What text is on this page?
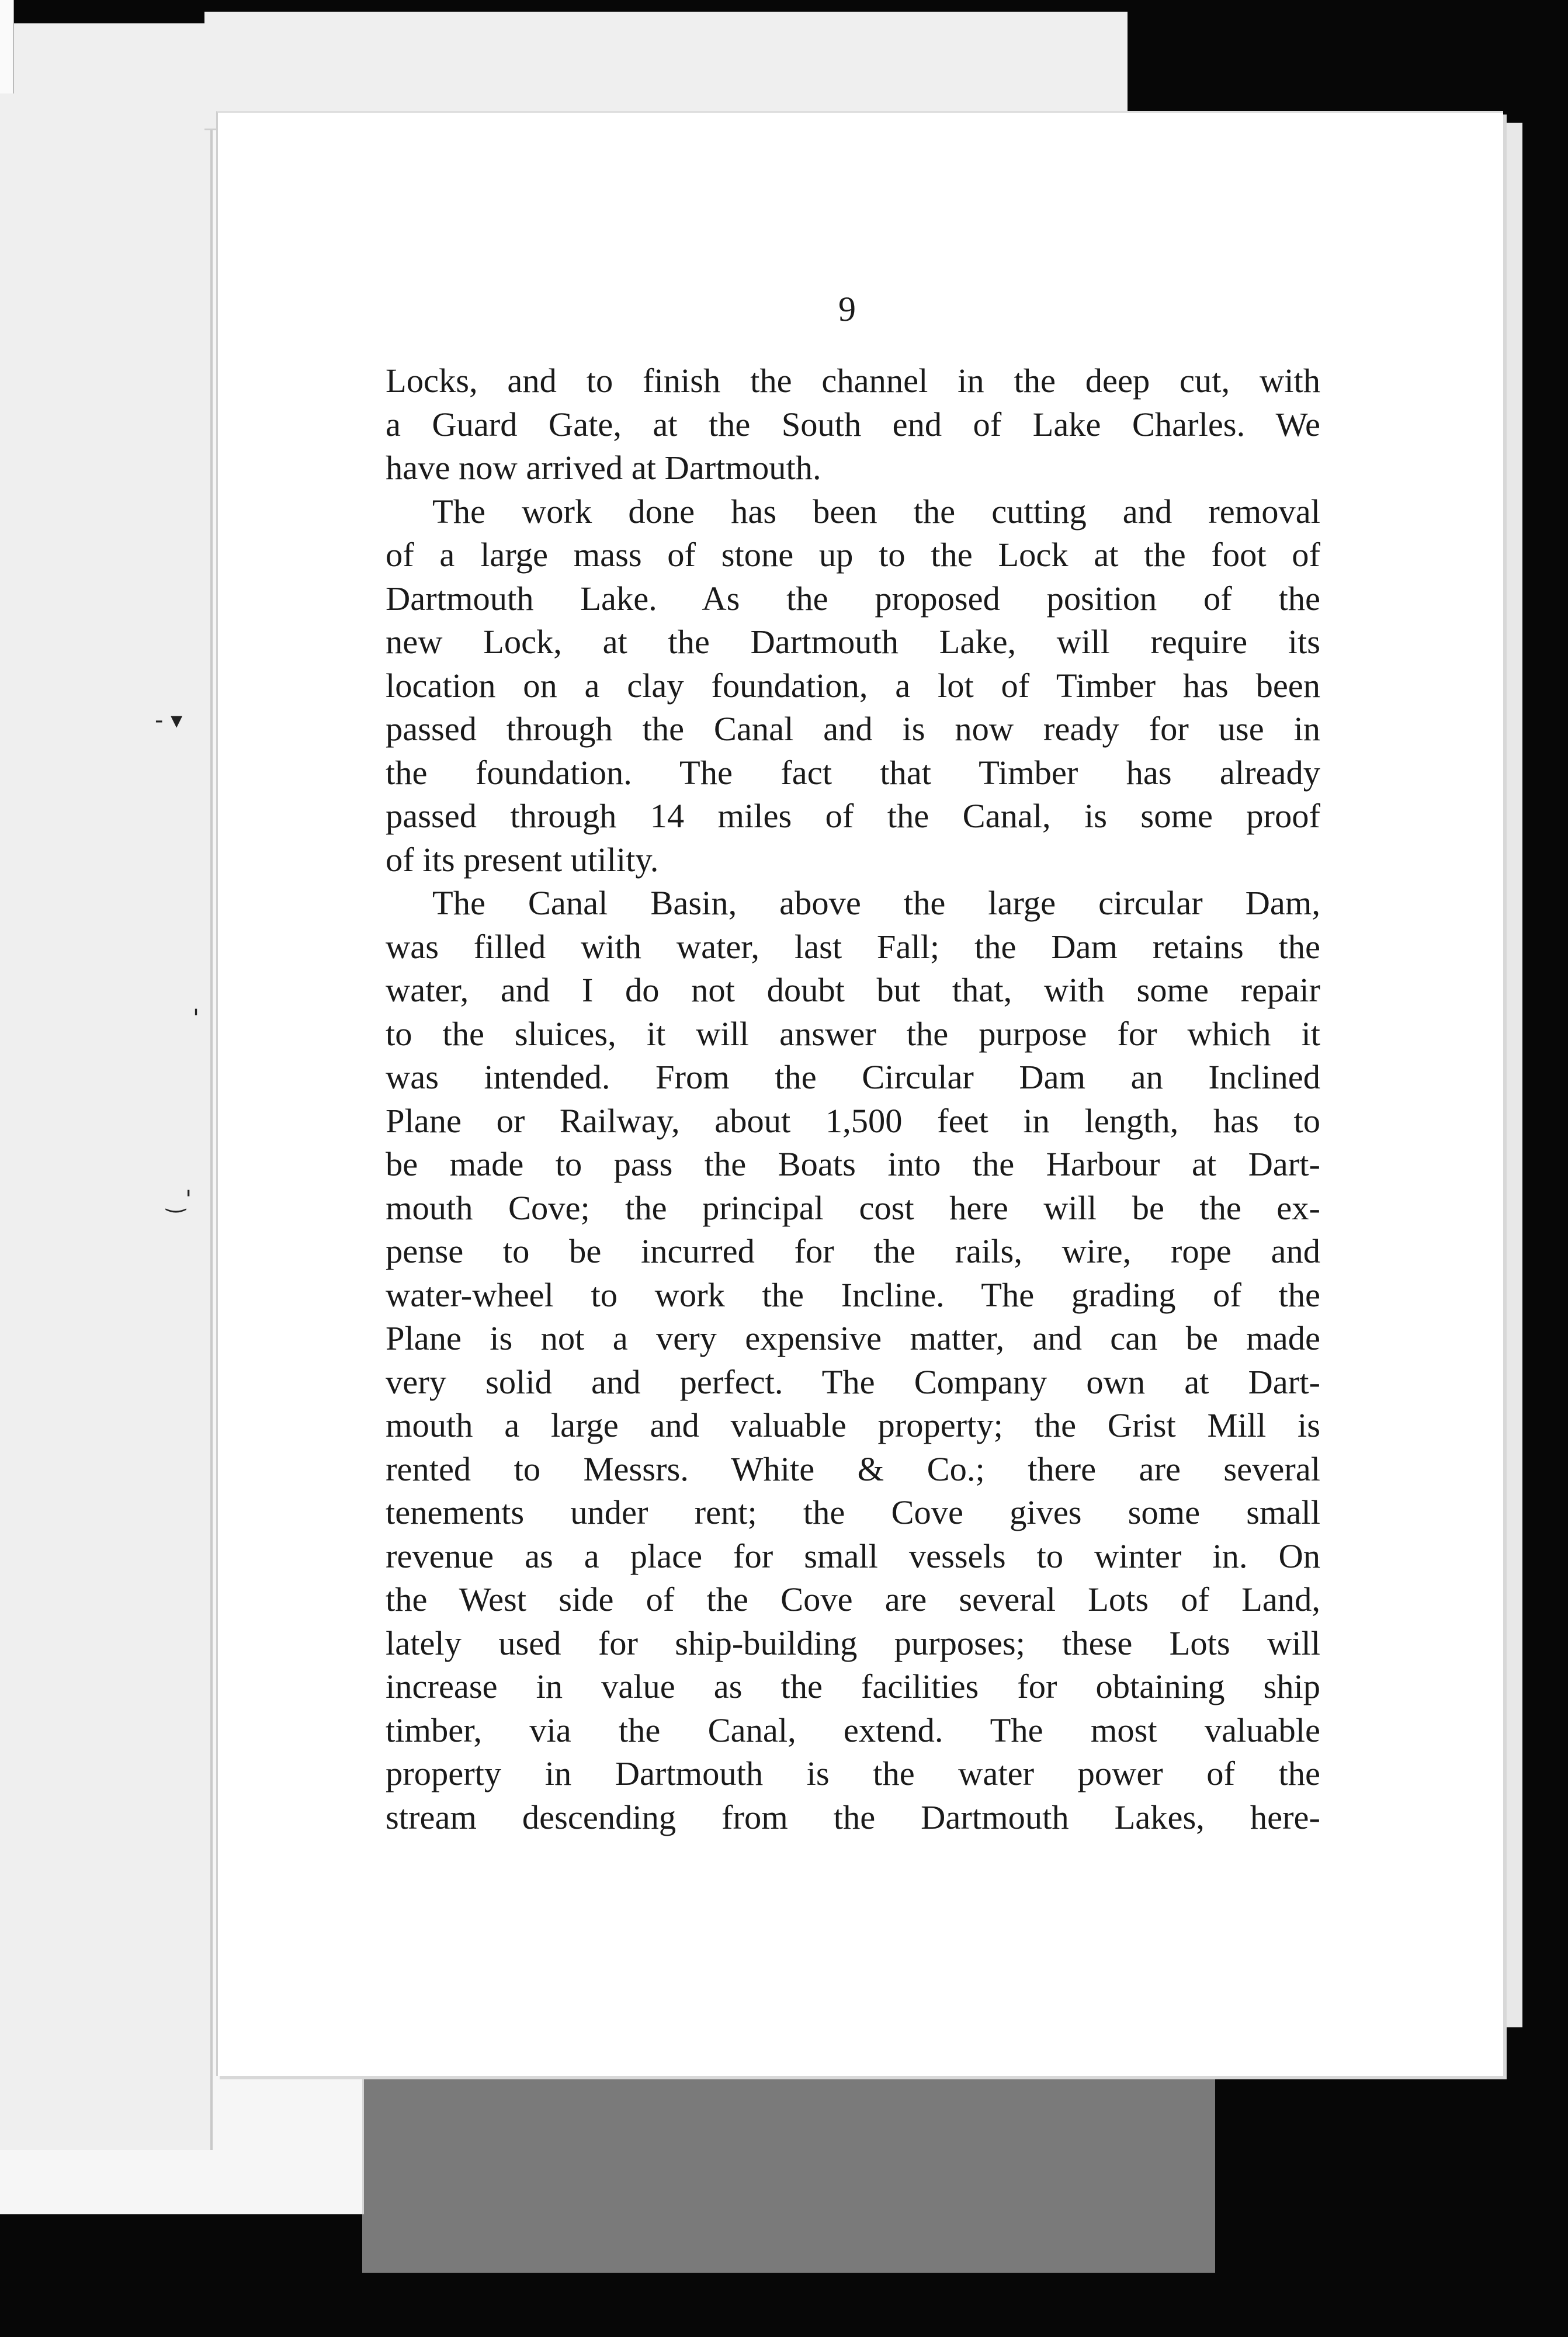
9
- ▾
'
‿'
Locks, and to finish the channel in the deep cut, with
a Guard Gate, at the South end of Lake Charles. We
have now arrived at Dartmouth.
The work done has been the cutting and removal
of a large mass of stone up to the Lock at the foot of
Dartmouth Lake. As the proposed position of the
new Lock, at the Dartmouth Lake, will require its
location on a clay foundation, a lot of Timber has been
passed through the Canal and is now ready for use in
the foundation. The fact that Timber has already
passed through 14 miles of the Canal, is some proof
of its present utility.
The Canal Basin, above the large circular Dam,
was filled with water, last Fall; the Dam retains the
water, and I do not doubt but that, with some repair
to the sluices, it will answer the purpose for which it
was intended. From the Circular Dam an Inclined
Plane or Railway, about 1,500 feet in length, has to
be made to pass the Boats into the Harbour at Dart-
mouth Cove; the principal cost here will be the ex-
pense to be incurred for the rails, wire, rope and
water-wheel to work the Incline. The grading of the
Plane is not a very expensive matter, and can be made
very solid and perfect. The Company own at Dart-
mouth a large and valuable property; the Grist Mill is
rented to Messrs. White & Co.; there are several
tenements under rent; the Cove gives some small
revenue as a place for small vessels to winter in. On
the West side of the Cove are several Lots of Land,
lately used for ship-building purposes; these Lots will
increase in value as the facilities for obtaining ship
timber, via the Canal, extend. The most valuable
property in Dartmouth is the water power of the
stream descending from the Dartmouth Lakes, here-
